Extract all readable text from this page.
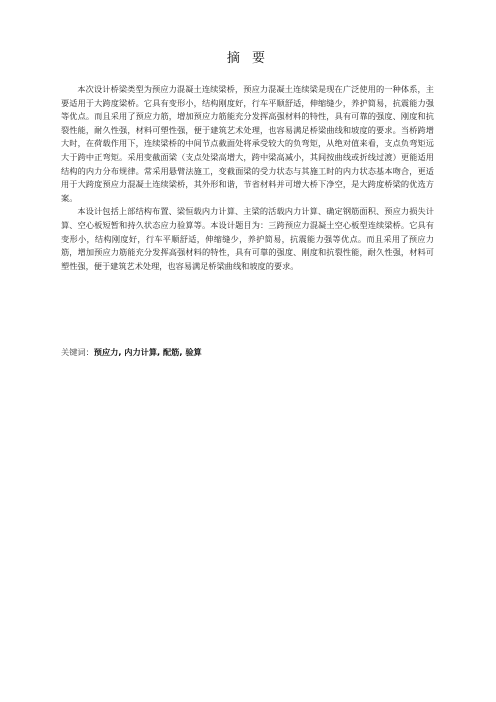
摘 要

本次设计桥梁类型为预应力混凝土连续梁桥，预应力混凝土连续梁是现在广泛使用的一种体系，主要适用于大跨度梁桥。它具有变形小，结构刚度好，行车平顺舒适，伸缩缝少，养护简易，抗震能力强等优点。而且采用了预应力筋，增加预应力筋能充分发挥高强材料的特性，具有可靠的强度、刚度和抗裂性能，耐久性强，材料可塑性强，便于建筑艺术处理，也容易满足桥梁曲线和坡度的要求。当桥跨增大时，在荷载作用下，连续梁桥的中间节点截面处将承受较大的负弯矩，从绝对值来看，支点负弯矩远大于跨中正弯矩。采用变截面梁（支点处梁高增大，跨中梁高减小，其间按曲线或折线过渡）更能适用结构的内力分布规律。常采用悬臂法施工，变截面梁的受力状态与其施工时的内力状态基本吻合，更适用于大跨度预应力混凝土连续梁桥，其外形和谐，节省材料并可增大桥下净空，是大跨度桥梁的优选方案。

本设计包括上部结构布置、梁恒载内力计算、主梁的活载内力计算、确定钢筋面积、预应力损失计算、空心板短暂和持久状态应力验算等。本设计题目为：三跨预应力混凝土空心板型连续梁桥。它具有变形小，结构刚度好，行车平顺舒适，伸缩缝少，养护简易，抗震能力强等优点。而且采用了预应力筋，增加预应力筋能充分发挥高强材料的特性，具有可靠的强度、刚度和抗裂性能，耐久性强，材料可塑性强，便于建筑艺术处理，也容易满足桥梁曲线和坡度的要求。

关键词：预应力, 内力计算, 配筋, 验算
